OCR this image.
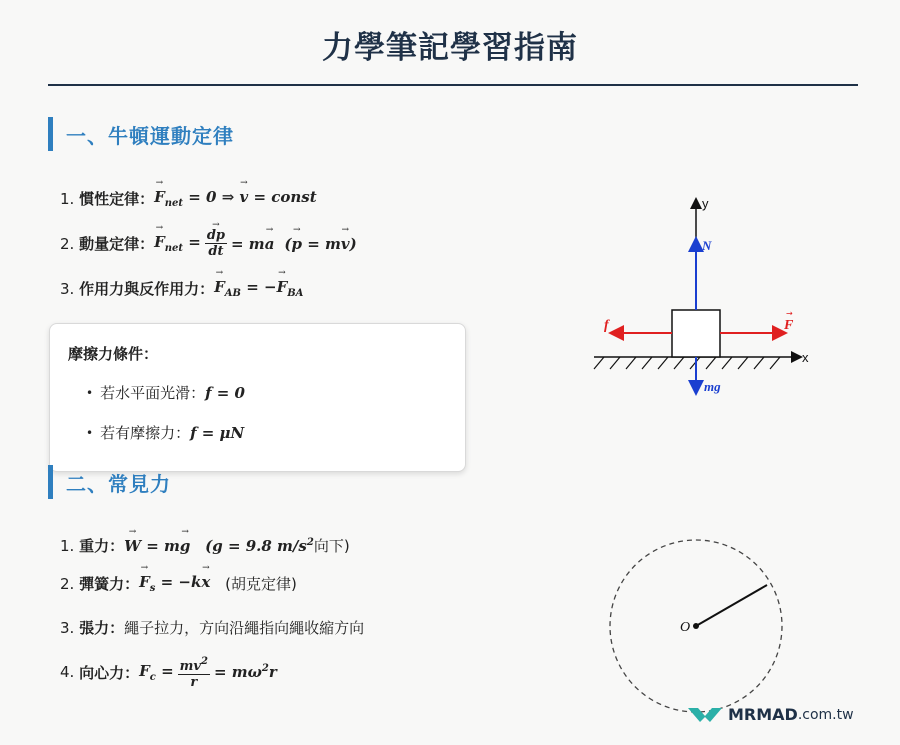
力學筆記學習指南
一、牛頓運動定律
1.
慣性定律： → $F_{net} = 0$ ⇒ → v = const
2.
動量定律： → $F_{net}$ = → $\frac{dp}{dt} = m\to a$ (→ p = m→ v)
3.
作用力與反作用力： → $F_{AB}$ = −→ $F_{BA}$
摩擦力條件：
• 若水平面光滑： f = 0
• 若有摩擦力： f = μN
二、常見力
1.
重力： → W = m→ g
(g = 9.8 $m/s^2$ 向下)
2.
彈簧力： → $F_s = -k\to x$
(胡克定律)
3.
張力： 繩子拉力，方向沿繩指向繩收縮方向
4.
向心力： $F_c = \frac{mv^2}{r} = m\omega^2r$
y
x
N
mg
f	F
→
O
MRMAD .com.tw
